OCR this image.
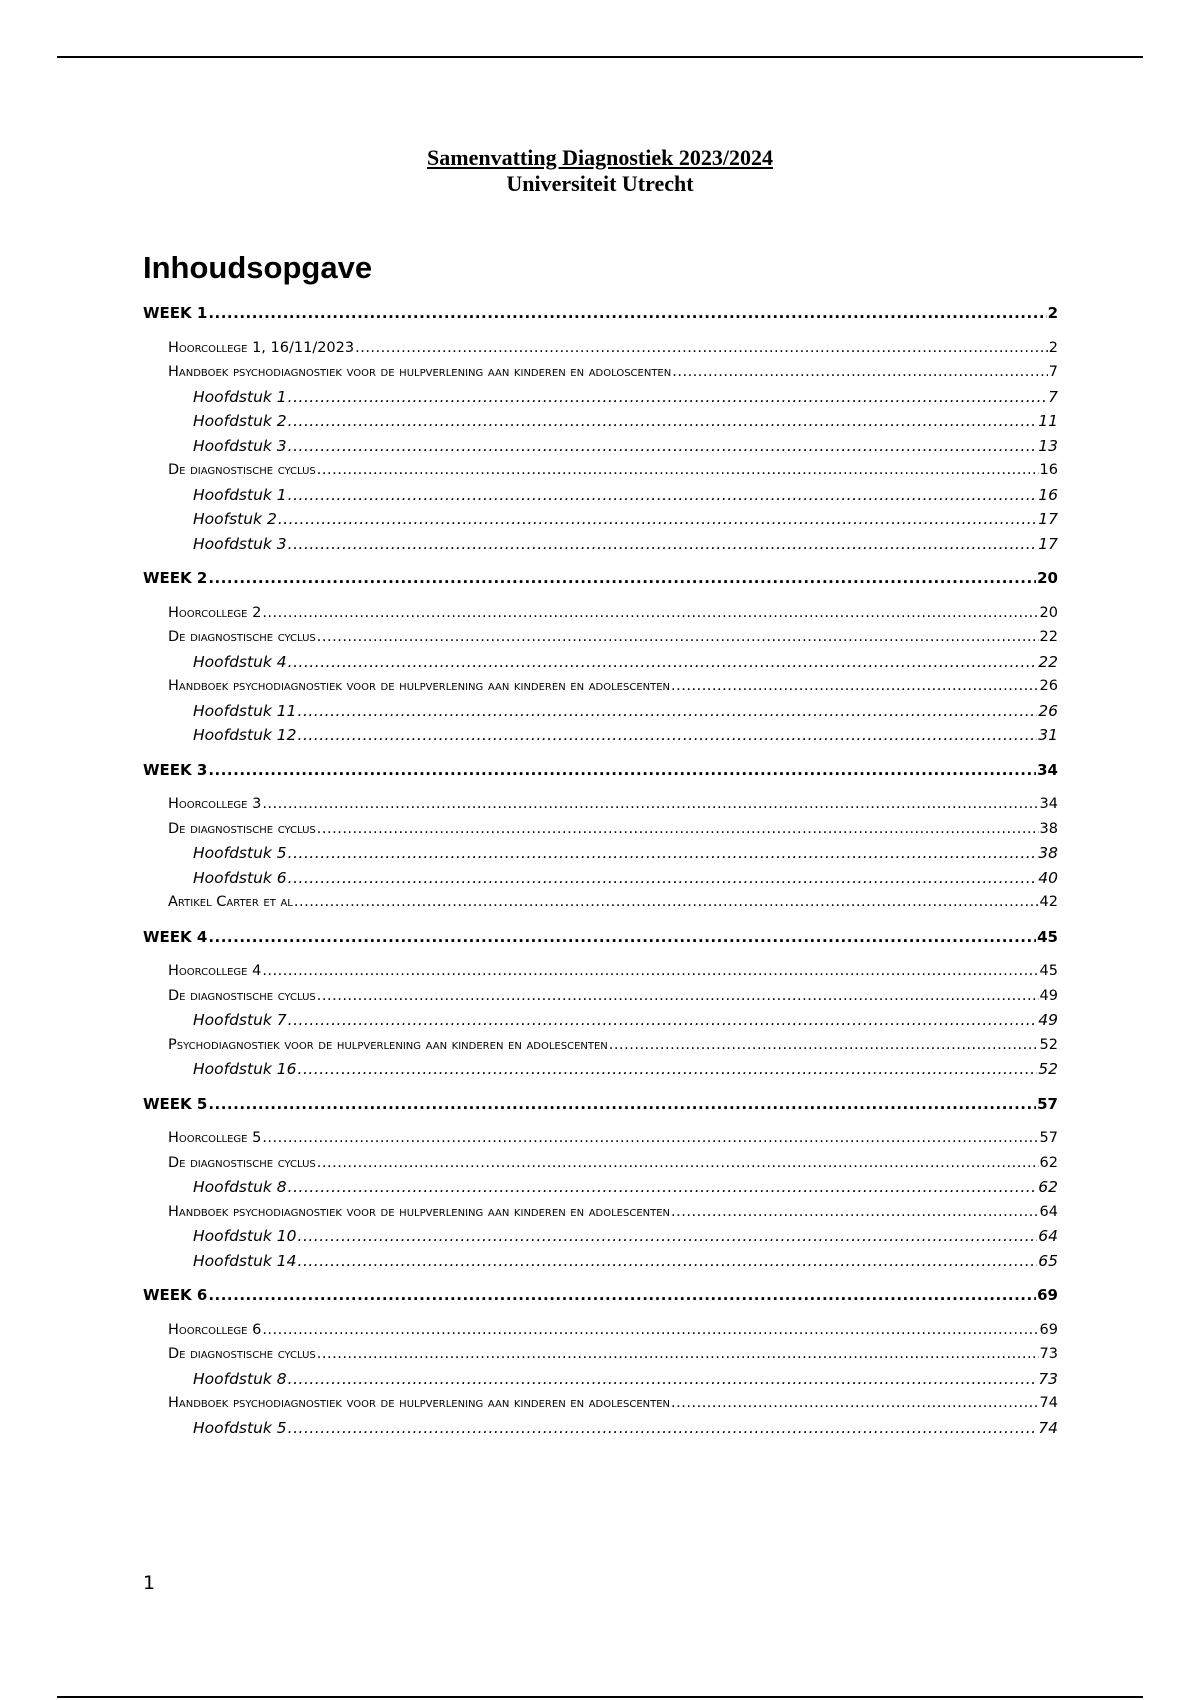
Samenvatting Diagnostiek 2023/2024
Universiteit Utrecht
Inhoudsopgave
WEEK 1 .....	2
Hoorcollege 1, 16/11/2023 .....	2
Handboek psychodiagnostiek voor de hulpverlening aan kinderen en adoloscenten .....	7
Hoofdstuk 1 .....	7
Hoofdstuk 2 .....	11
Hoofdstuk 3 .....	13
De diagnostische cyclus .....	16
Hoofdstuk 1 .....	16
Hoofstuk 2 .....	17
Hoofdstuk 3 .....	17
WEEK 2 .....	20
Hoorcollege 2 .....	20
De diagnostische cyclus .....	22
Hoofdstuk 4 .....	22
Handboek psychodiagnostiek voor de hulpverlening aan kinderen en adolescenten .....	26
Hoofdstuk 11 .....	26
Hoofdstuk 12 .....	31
WEEK 3 .....	34
Hoorcollege 3 .....	34
De diagnostische cyclus .....	38
Hoofdstuk 5 .....	38
Hoofdstuk 6 .....	40
Artikel Carter et al .....	42
WEEK 4 .....	45
Hoorcollege 4 .....	45
De diagnostische cyclus .....	49
Hoofdstuk 7 .....	49
Psychodiagnostiek voor de hulpverlening aan kinderen en adolescenten .....	52
Hoofdstuk 16 .....	52
WEEK 5 .....	57
Hoorcollege 5 .....	57
De diagnostische cyclus .....	62
Hoofdstuk 8 .....	62
Handboek psychodiagnostiek voor de hulpverlening aan kinderen en adolescenten .....	64
Hoofdstuk 10 .....	64
Hoofdstuk 14 .....	65
WEEK 6 .....	69
Hoorcollege 6 .....	69
De diagnostische cyclus .....	73
Hoofdstuk 8 .....	73
Handboek psychodiagnostiek voor de hulpverlening aan kinderen en adolescenten .....	74
Hoofdstuk 5 .....	74
1
